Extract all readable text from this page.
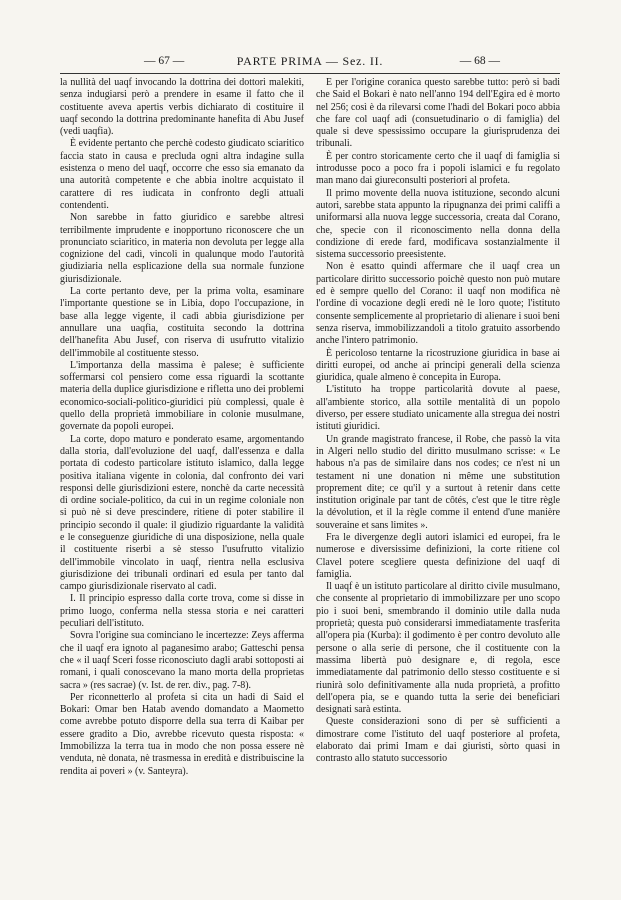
— 67 —	PARTE PRIMA — Sez. II.	— 68 —

la nullità del uaqf invocando la dottrina dei dottori malekiti, senza indugiarsi però a prendere in esame il fatto che il costituente aveva apertis verbis dichiarato di costituire il uaqf secondo la dottrina predominante hanefita di Abu Jusef (vedi uaqfia).

È evidente pertanto che perchè codesto giudicato sciaritico faccia stato in causa e precluda ogni altra indagine sulla esistenza o meno del uaqf, occorre che esso sia emanato da una autorità competente e che abbia inoltre acquistato il carattere di res iudicata in confronto degli attuali contendenti.

Non sarebbe in fatto giuridico e sarebbe altresì terribilmente imprudente e inopportuno riconoscere che un pronunciato sciaritico, in materia non devoluta per legge alla cognizione del cadì, vincoli in qualunque modo l'autorità giudiziaria nella esplicazione della sua normale funzione giurisdizionale.

La corte pertanto deve, per la prima volta, esaminare l'importante questione se in Libia, dopo l'occupazione, in base alla legge vigente, il cadì abbia giurisdizione per annullare una uaqfia, costituita secondo la dottrina dell'hanefita Abu Jusef, con riserva di usufrutto vitalizio dell'immobile al costituente stesso.

L'importanza della massima è palese; è sufficiente soffermarsi col pensiero come essa riguardi la scottante materia della duplice giurisdizione e rifletta uno dei problemi economico-sociali-politico-giuridici più complessi, quale è quello della proprietà immobiliare in colonie musulmane, governate da popoli europei.

La corte, dopo maturo e ponderato esame, argomentando dalla storia, dall'evoluzione del uaqf, dall'essenza e dalla portata di codesto particolare istituto islamico, dalla legge positiva italiana vigente in colonia, dal confronto dei vari responsi delle giurisdizioni estere, nonchè da carte necessità di ordine sociale-politico, da cui in un regime coloniale non si può nè si deve prescindere, ritiene di poter stabilire il principio secondo il quale: il giudizio riguardante la validità e le conseguenze giuridiche di una disposizione, nella quale il costituente riserbi a sè stesso l'usufrutto vitalizio dell'immobile vincolato in uaqf, rientra nella esclusiva giurisdizione dei tribunali ordinari ed esula per tanto dal campo giurisdizionale riservato al cadì.

I. Il principio espresso dalla corte trova, come si disse in primo luogo, conferma nella stessa storia e nei caratteri peculiari dell'istituto.

Sovra l'origine sua cominciano le incertezze: Zeys afferma che il uaqf era ignoto al paganesimo arabo; Gatteschi pensa che « il uaqf Sceri fosse riconosciuto dagli arabi sottoposti ai romani, i quali conoscevano la mano morta della proprietas sacra » (res sacrae) (v. Ist. de rer. div., pag. 7-8).

Per riconnetterlo al profeta si cita un hadi di Said el Bokari: Omar ben Hatab avendo domandato a Maometto come avrebbe potuto disporre della sua terra di Kaibar per essere gradito a Dio, avrebbe ricevuto questa risposta: « Immobilizza la terra tua in modo che non possa essere nè venduta, nè donata, nè trasmessa in eredità e distribuiscine la rendita ai poveri » (v. Santeyra).

E per l'origine coranica questo sarebbe tutto: però si badi che Said el Bokari è nato nell'anno 194 dell'Egira ed è morto nel 256; così è da rilevarsi come l'hadi del Bokari poco abbia che fare col uaqf adi (consuetudinario o di famiglia) del quale si deve spessissimo occupare la giurisprudenza dei tribunali.

È per contro storicamente certo che il uaqf di famiglia si introdusse poco a poco fra i popoli islamici e fu regolato man mano dai giureconsulti posteriori al profeta.

Il primo movente della nuova istituzione, secondo alcuni autori, sarebbe stata appunto la ripugnanza dei primi califfi a uniformarsi alla nuova legge successoria, creata dal Corano, che, specie con il riconoscimento nella donna della condizione di erede fard, modificava sostanzialmente il sistema successorio preesistente.

Non è esatto quindi affermare che il uaqf crea un particolare diritto successorio poichè questo non può mutare ed è sempre quello del Corano: il uaqf non modifica nè l'ordine di vocazione degli eredi nè le loro quote; l'istituto consente semplicemente al proprietario di alienare i suoi beni senza riserva, immobilizzandoli a titolo gratuito assorbendo anche l'intero patrimonio.

È pericoloso tentarne la ricostruzione giuridica in base ai diritti europei, od anche ai principi generali della scienza giuridica, quale almeno è concepita in Europa.

L'istituto ha troppe particolarità dovute al paese, all'ambiente storico, alla sottile mentalità di un popolo diverso, per essere studiato unicamente alla stregua dei nostri istituti giuridici.

Un grande magistrato francese, il Robe, che passò la vita in Algeri nello studio del diritto musulmano scrisse: « Le habous n'a pas de similaire dans nos codes; ce n'est ni un testament ni une donation ni même une substitution proprement dite; ce qu'il y a surtout à retenir dans cette institution originale par tant de côtés, c'est que le titre règle la dévolution, et il la règle comme il entend d'une manière souveraine et sans limites ».

Fra le divergenze degli autori islamici ed europei, fra le numerose e diversissime definizioni, la corte ritiene col Clavel potere scegliere questa definizione del uaqf di famiglia.

Il uaqf è un istituto particolare al diritto civile musulmano, che consente al proprietario di immobilizzare per uno scopo pio i suoi beni, smembrando il dominio utile dalla nuda proprietà; questa può considerarsi immediatamente trasferita all'opera pia (Kurba): il godimento è per contro devoluto alle persone o alla serie di persone, che il costituente con la massima libertà può designare e, di regola, esce immediatamente dal patrimonio dello stesso costituente e si riunirà solo definitivamente alla nuda proprietà, a profitto dell'opera pia, se e quando tutta la serie dei beneficiari designati sarà estinta.

Queste considerazioni sono di per sè sufficienti a dimostrare come l'istituto del uaqf posteriore al profeta, elaborato dai primi Imam e dai giuristi, sòrto quasi in contrasto allo statuto successorio
